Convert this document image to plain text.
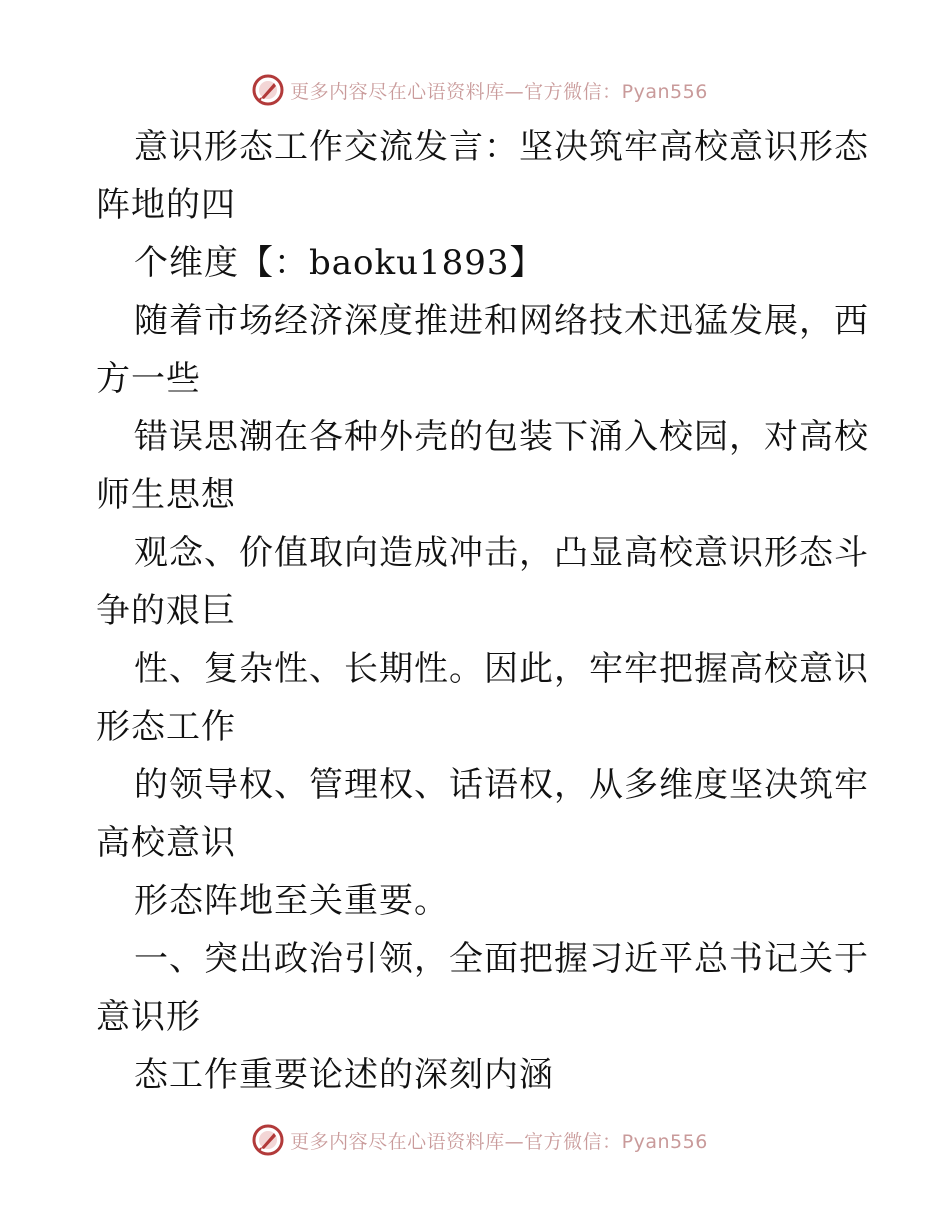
更多内容尽在心语资料库—官方微信：Pyan556
意识形态工作交流发言：坚决筑牢高校意识形态
阵地的四
个维度【：baoku1893】
随着市场经济深度推进和网络技术迅猛发展，西
方一些
错误思潮在各种外壳的包装下涌入校园，对高校
师生思想
观念、价值取向造成冲击，凸显高校意识形态斗
争的艰巨
性、复杂性、长期性。因此，牢牢把握高校意识
形态工作
的领导权、管理权、话语权，从多维度坚决筑牢
高校意识
形态阵地至关重要。
一、突出政治引领，全面把握习近平总书记关于
意识形
态工作重要论述的深刻内涵
更多内容尽在心语资料库—官方微信：Pyan556
